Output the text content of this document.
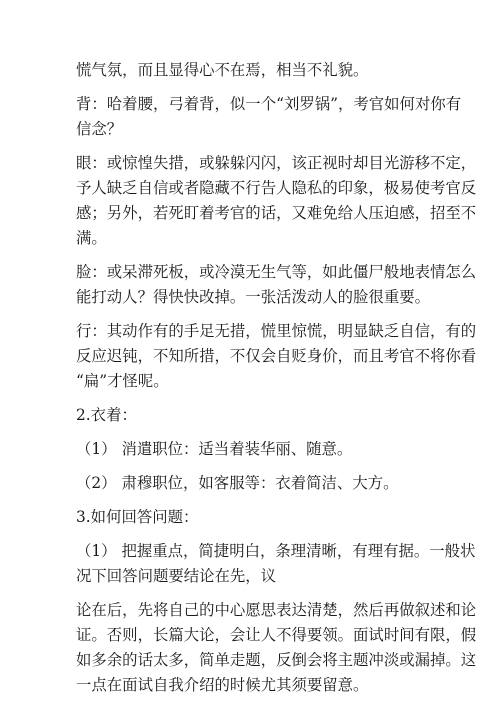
慌气氛，而且显得心不在焉，相当不礼貌。
背：哈着腰，弓着背，似一个“刘罗锅”，考官如何对你有
信念？
眼：或惊惶失措，或躲躲闪闪，该正视时却目光游移不定，
予人缺乏自信或者隐藏不行告人隐私的印象，极易使考官反
感；另外，若死盯着考官的话，又难免给人压迫感，招至不
满。
脸：或呆滞死板，或冷漠无生气等，如此僵尸般地表情怎么
能打动人？得快快改掉。一张活泼动人的脸很重要。
行：其动作有的手足无措，慌里惊慌，明显缺乏自信，有的
反应迟钝，不知所措，不仅会自贬身价，而且考官不将你看
“扁”才怪呢。
2.衣着：
（1） 消遣职位：适当着装华丽、随意。
（2） 肃穆职位，如客服等：衣着简洁、大方。
3.如何回答问题：
（1） 把握重点，简捷明白，条理清晰，有理有据。一般状
况下回答问题要结论在先，议
论在后，先将自己的中心愿思表达清楚，然后再做叙述和论
证。否则，长篇大论，会让人不得要领。面试时间有限，假
如多余的话太多，简单走题，反倒会将主题冲淡或漏掉。这
一点在面试自我介绍的时候尤其须要留意。
